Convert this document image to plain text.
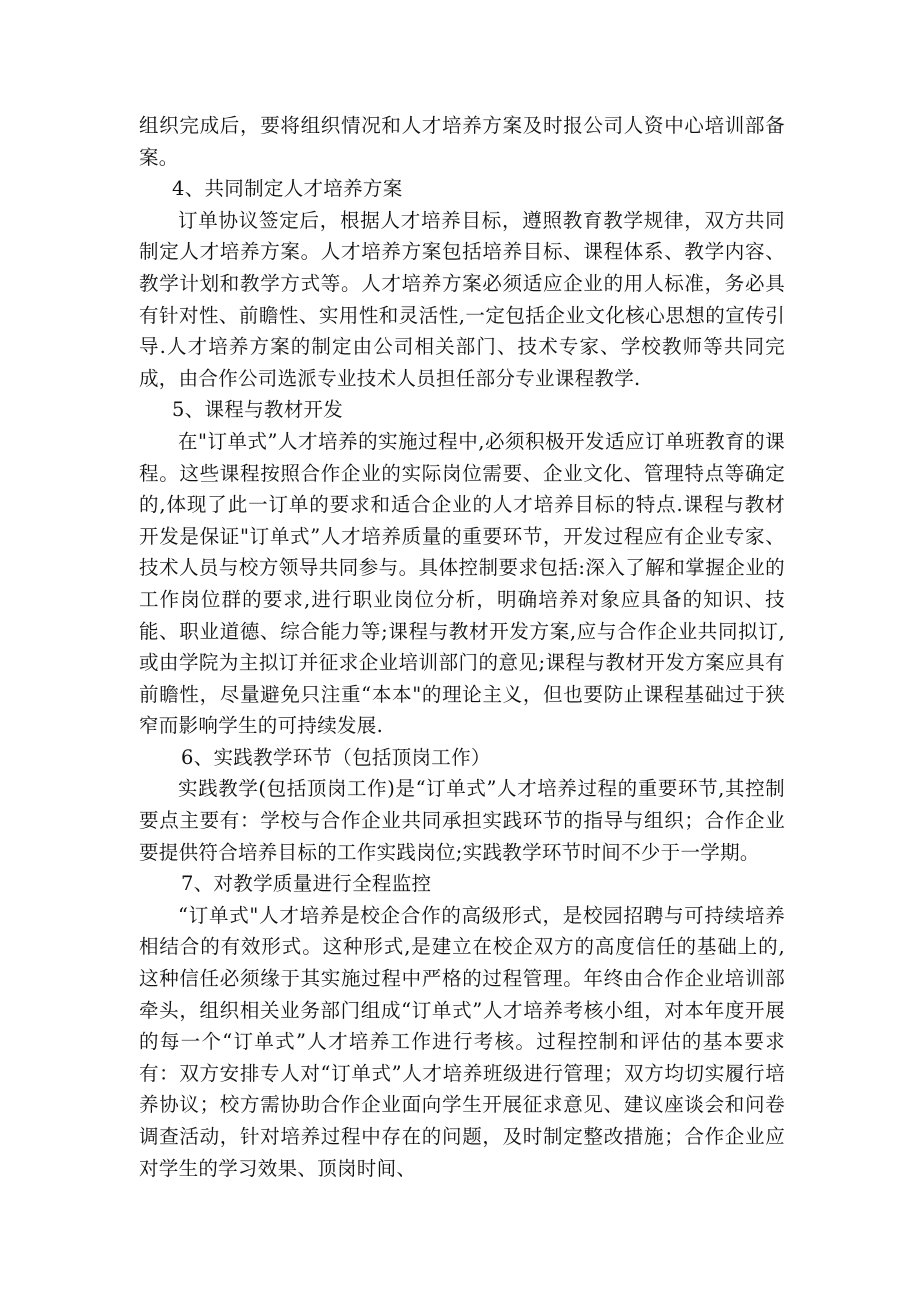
组织完成后，要将组织情况和人才培养方案及时报公司人资中心培训部备案。

4、共同制定人才培养方案

订单协议签定后，根据人才培养目标，遵照教育教学规律，双方共同制定人才培养方案。人才培养方案包括培养目标、课程体系、教学内容、教学计划和教学方式等。人才培养方案必须适应企业的用人标准，务必具有针对性、前瞻性、实用性和灵活性,一定包括企业文化核心思想的宣传引导.人才培养方案的制定由公司相关部门、技术专家、学校教师等共同完成，由合作公司选派专业技术人员担任部分专业课程教学.

5、课程与教材开发

在"订单式”人才培养的实施过程中,必须积极开发适应订单班教育的课程。这些课程按照合作企业的实际岗位需要、企业文化、管理特点等确定的,体现了此一订单的要求和适合企业的人才培养目标的特点.课程与教材开发是保证"订单式”人才培养质量的重要环节，开发过程应有企业专家、技术人员与校方领导共同参与。具体控制要求包括:深入了解和掌握企业的工作岗位群的要求,进行职业岗位分析，明确培养对象应具备的知识、技能、职业道德、综合能力等;课程与教材开发方案,应与合作企业共同拟订,或由学院为主拟订并征求企业培训部门的意见;课程与教材开发方案应具有前瞻性，尽量避免只注重“本本"的理论主义，但也要防止课程基础过于狭窄而影响学生的可持续发展.

6、实践教学环节（包括顶岗工作）

实践教学(包括顶岗工作)是“订单式”人才培养过程的重要环节,其控制要点主要有：学校与合作企业共同承担实践环节的指导与组织；合作企业要提供符合培养目标的工作实践岗位;实践教学环节时间不少于一学期。

7、对教学质量进行全程监控

“订单式"人才培养是校企合作的高级形式，是校园招聘与可持续培养相结合的有效形式。这种形式,是建立在校企双方的高度信任的基础上的,这种信任必须缘于其实施过程中严格的过程管理。年终由合作企业培训部牵头，组织相关业务部门组成“订单式”人才培养考核小组，对本年度开展的每一个“订单式”人才培养工作进行考核。过程控制和评估的基本要求有：双方安排专人对“订单式”人才培养班级进行管理；双方均切实履行培养协议；校方需协助合作企业面向学生开展征求意见、建议座谈会和问卷调查活动，针对培养过程中存在的问题，及时制定整改措施；合作企业应对学生的学习效果、顶岗时间、
